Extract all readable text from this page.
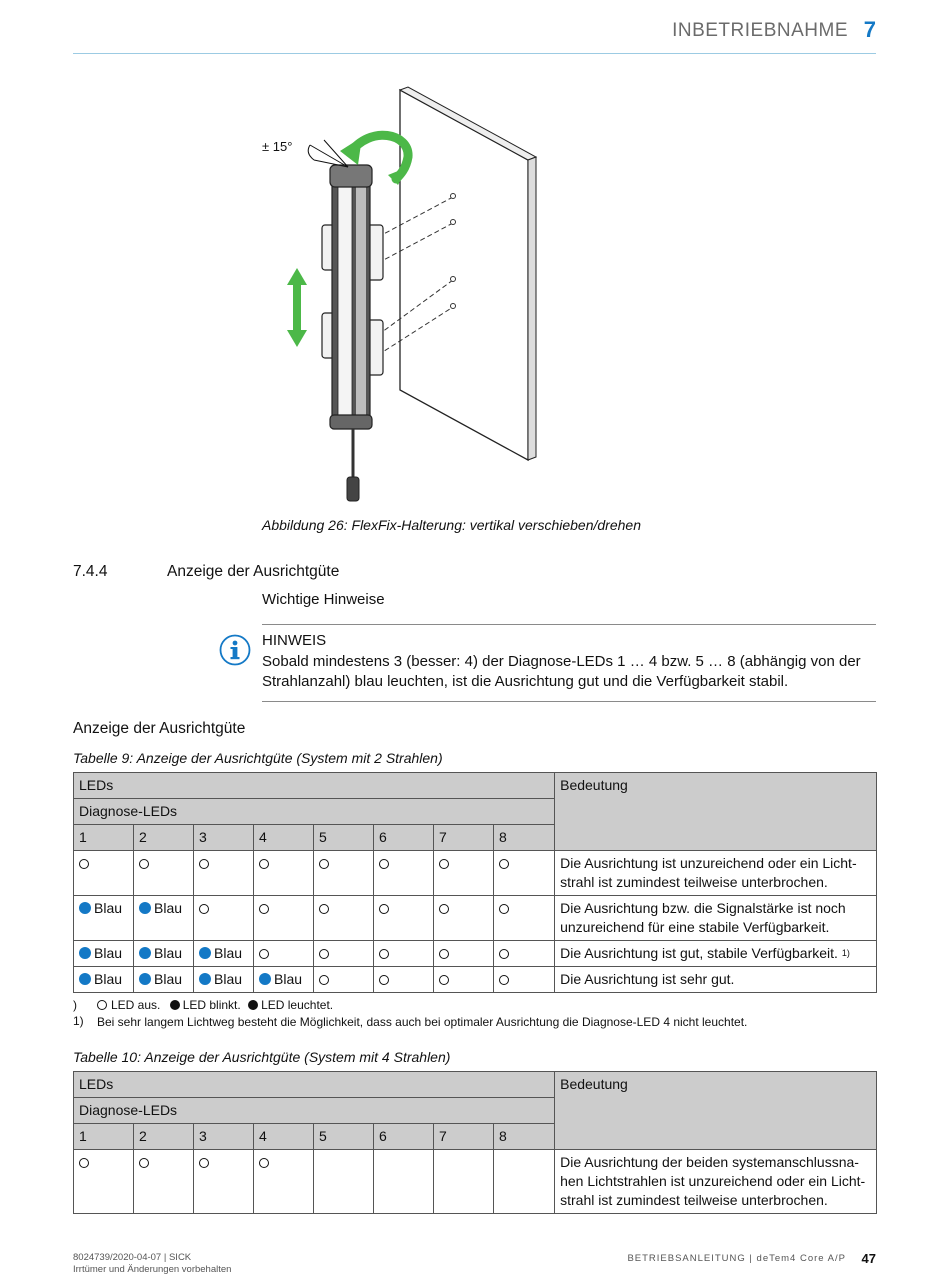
INBETRIEBNAHME 7
± 15°
Abbildung 26: FlexFix-Halterung: vertikal verschieben/drehen
7.4.4	Anzeige der Ausrichtgüte
Wichtige Hinweise
HINWEIS
Sobald mindestens 3 (besser: 4) der Diagnose-LEDs 1 … 4 bzw. 5 … 8 (abhängig von der Strahlanzahl) blau leuchten, ist die Ausrichtung gut und die Verfügbarkeit stabil.
Anzeige der Ausrichtgüte
Tabelle 9: Anzeige der Ausrichtgüte (System mit 2 Strahlen)
LEDs								Bedeutung
Diagnose-LEDs								
1	2	3	4	5	6	7	8	
								Die Ausrichtung ist unzureichend oder ein Licht-strahl ist zumindest teilweise unterbrochen.
Blau	Blau							Die Ausrichtung bzw. die Signalstärke ist noch unzureichend für eine stabile Verfügbarkeit.
Blau	Blau	Blau						Die Ausrichtung ist gut, stabile Verfügbarkeit. $^{1)}$
Blau	Blau	Blau	Blau					Die Ausrichtung ist sehr gut.
)	LED aus. LED blinkt. LED leuchtet.
1) Bei sehr langem Lichtweg besteht die Möglichkeit, dass auch bei optimaler Ausrichtung die Diagnose-LED 4 nicht leuchtet.
Tabelle 10: Anzeige der Ausrichtgüte (System mit 4 Strahlen)
LEDs								Bedeutung
Diagnose-LEDs								
1	2	3	4	5	6	7	8	
								Die Ausrichtung der beiden systemanschlussna-hen Lichtstrahlen ist unzureichend oder ein Licht-strahl ist zumindest teilweise unterbrochen.
8024739/2020-04-07 | SICK
Irrtümer und Änderungen vorbehalten
BETRIEBSANLEITUNG | deTem4 Core A/P 47
